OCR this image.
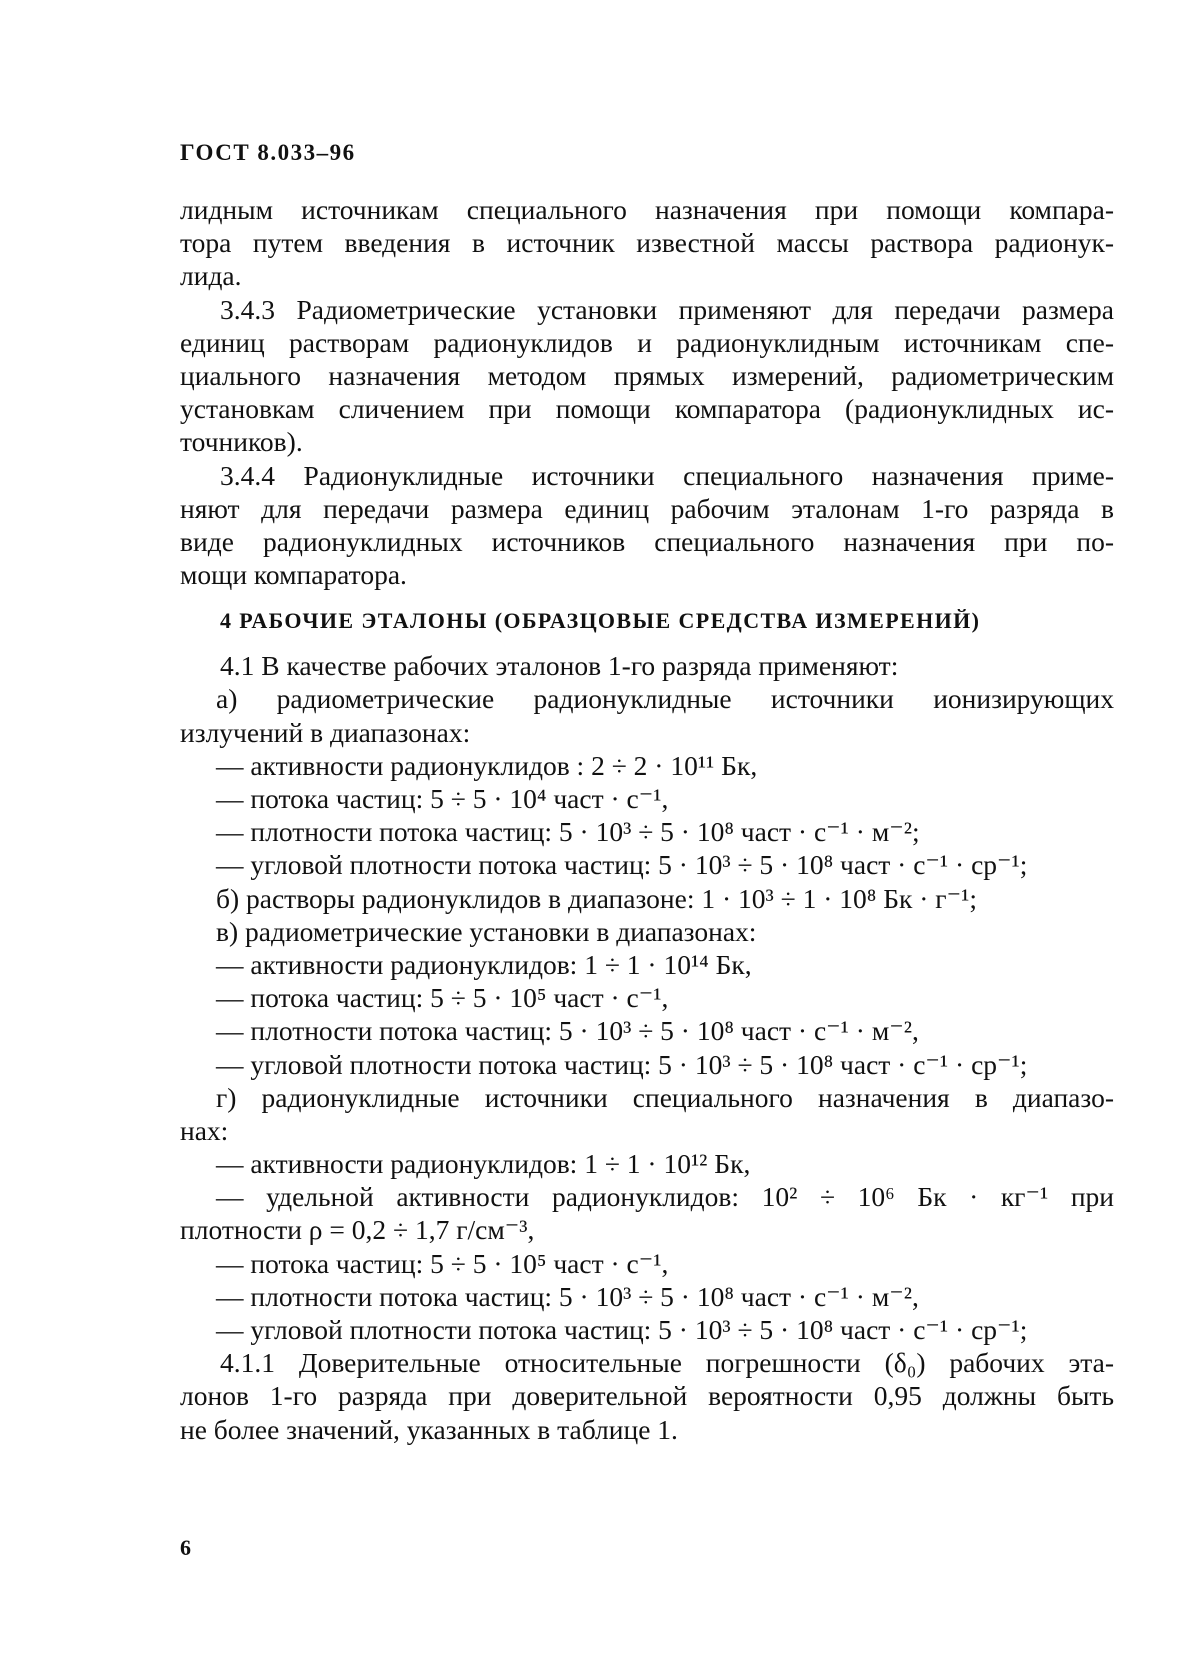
ГОСТ 8.033–96
лидным источникам специального назначения при помощи компара-
тора путем введения в источник известной массы раствора радионук-
лида.
3.4.3 Радиометрические установки применяют для передачи размера
единиц растворам радионуклидов и радионуклидным источникам спе-
циального назначения методом прямых измерений, радиометрическим
установкам сличением при помощи компаратора (радионуклидных ис-
точников).
3.4.4 Радионуклидные источники специального назначения приме-
няют для передачи размера единиц рабочим эталонам 1-го разряда в
виде радионуклидных источников специального назначения при по-
мощи компаратора.
4 РАБОЧИЕ ЭТАЛОНЫ (ОБРАЗЦОВЫЕ СРЕДСТВА ИЗМЕРЕНИЙ)
4.1 В качестве рабочих эталонов 1-го разряда применяют:
а) радиометрические радионуклидные источники ионизирующих
излучений в диапазонах:
— активности радионуклидов : 2 ÷ 2 · 10¹¹ Бк,
— потока частиц: 5 ÷ 5 · 10⁴ част · с⁻¹,
— плотности потока частиц: 5 · 10³ ÷ 5 · 10⁸ част · с⁻¹ · м⁻²;
— угловой плотности потока частиц: 5 · 10³ ÷ 5 · 10⁸ част · с⁻¹ · ср⁻¹;
б) растворы радионуклидов в диапазоне: 1 · 10³ ÷ 1 · 10⁸ Бк · г⁻¹;
в) радиометрические установки в диапазонах:
— активности радионуклидов: 1 ÷ 1 · 10¹⁴ Бк,
— потока частиц: 5 ÷ 5 · 10⁵ част · с⁻¹,
— плотности потока частиц: 5 · 10³ ÷ 5 · 10⁸ част · с⁻¹ · м⁻²,
— угловой плотности потока частиц: 5 · 10³ ÷ 5 · 10⁸ част · с⁻¹ · ср⁻¹;
г) радионуклидные источники специального назначения в диапазо-
нах:
— активности радионуклидов: 1 ÷ 1 · 10¹² Бк,
— удельной активности радионуклидов: 10² ÷ 10⁶ Бк · кг⁻¹ при
плотности ρ = 0,2 ÷ 1,7 г/см⁻³,
— потока частиц: 5 ÷ 5 · 10⁵ част · с⁻¹,
— плотности потока частиц: 5 · 10³ ÷ 5 · 10⁸ част · с⁻¹ · м⁻²,
— угловой плотности потока частиц: 5 · 10³ ÷ 5 · 10⁸ част · с⁻¹ · ср⁻¹;
4.1.1 Доверительные относительные погрешности (δ₀) рабочих эта-
лонов 1-го разряда при доверительной вероятности 0,95 должны быть
не более значений, указанных в таблице 1.
6
